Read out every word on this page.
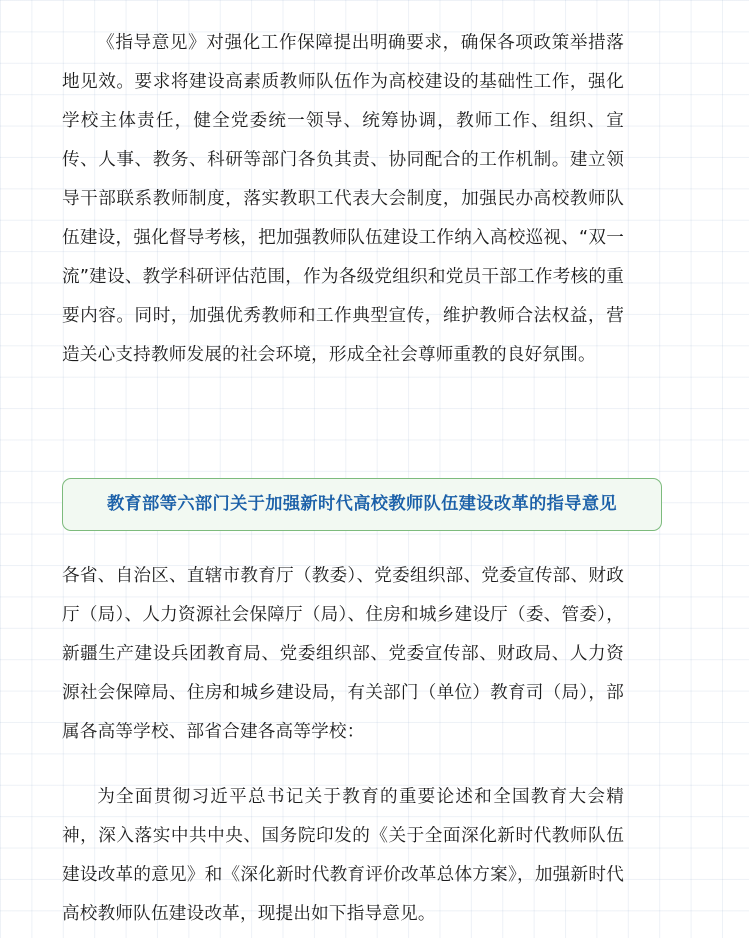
《指导意见》对强化工作保障提出明确要求，确保各项政策举措落地见效。要求将建设高素质教师队伍作为高校建设的基础性工作，强化学校主体责任，健全党委统一领导、统筹协调，教师工作、组织、宣传、人事、教务、科研等部门各负其责、协同配合的工作机制。建立领导干部联系教师制度，落实教职工代表大会制度，加强民办高校教师队伍建设，强化督导考核，把加强教师队伍建设工作纳入高校巡视、“双一流”建设、教学科研评估范围，作为各级党组织和党员干部工作考核的重要内容。同时，加强优秀教师和工作典型宣传，维护教师合法权益，营造关心支持教师发展的社会环境，形成全社会尊师重教的良好氛围。
教育部等六部门关于加强新时代高校教师队伍建设改革的指导意见
各省、自治区、直辖市教育厅（教委）、党委组织部、党委宣传部、财政厅（局）、人力资源社会保障厅（局）、住房和城乡建设厅（委、管委），新疆生产建设兵团教育局、党委组织部、党委宣传部、财政局、人力资源社会保障局、住房和城乡建设局，有关部门（单位）教育司（局），部属各高等学校、部省合建各高等学校：
为全面贯彻习近平总书记关于教育的重要论述和全国教育大会精神，深入落实中共中央、国务院印发的《关于全面深化新时代教师队伍建设改革的意见》和《深化新时代教育评价改革总体方案》，加强新时代高校教师队伍建设改革，现提出如下指导意见。
